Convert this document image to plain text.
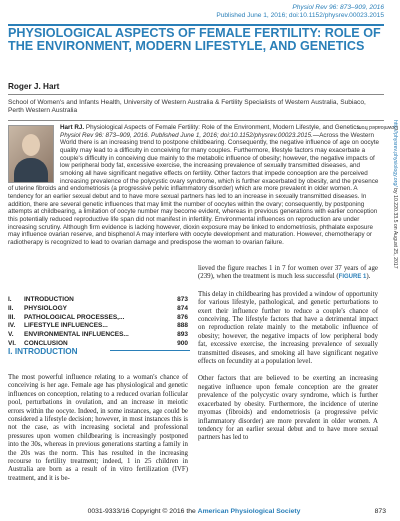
Physiol Rev 96: 873–909, 2016
Published June 1, 2016; doi:10.1152/physrev.00023.2015
PHYSIOLOGICAL ASPECTS OF FEMALE FERTILITY: ROLE OF THE ENVIRONMENT, MODERN LIFESTYLE, AND GENETICS
Roger J. Hart
School of Women's and Infants Health, University of Western Australia & Fertility Specialists of Western Australia, Subiaco, Perth Western Australia

Hart RJ. Physiological Aspects of Female Fertility: Role of the Environment, Modern Lifestyle, and Genetics. Physiol Rev 96: 873–909, 2016. Published June 1, 2016; doi:10.1152/physrev.00023.2015.—Across the Western World there is an increasing trend to postpone childbearing. Consequently, the negative influence of age on oocyte quality may lead to a difficulty in conceiving for many couples. Furthermore, lifestyle factors may exacerbate a couple's difficulty in conceiving due mainly to the metabolic influence of obesity; however, the negative impacts of low peripheral body fat, excessive exercise, the increasing prevalence of sexually transmitted diseases, and smoking all have significant negative effects on fertility. Other factors that impede conception are the perceived increasing prevalence of the polycystic ovary syndrome, which is further exacerbated by obesity, and the presence of uterine fibroids and endometriosis (a progressive pelvic inflammatory disorder) which are more prevalent in older women. A tendency for an earlier sexual debut and to have more sexual partners has led to an increase in sexually transmitted diseases. In addition, there are several genetic influences that may limit the number of oocytes within the ovary; consequently, by postponing attempts at childbearing, a limitation of oocyte number may become evident, whereas in previous generations with earlier conception this potentially reduced reproductive life span did not manifest in infertility. Environmental influences on reproduction are under increasing scrutiny. Although firm evidence is lacking however, dioxin exposure may be linked to endometriosis, phthalate exposure may influence ovarian reserve, and bisphenol A may interfere with oocyte development and maturation. However, chemotherapy or radiotherapy is recognized to lead to ovarian damage and predispose the woman to ovarian failure.

I.	INTRODUCTION	873
II.	PHYSIOLOGY	874
III.	PATHOLOGICAL PROCESSES,...	876
IV.	LIFESTYLE INFLUENCES...	888
V.	ENVIRONMENTAL INFLUENCES...	893
VI.	CONCLUSION	900
I. INTRODUCTION

The most powerful influence relating to a woman's chance of conceiving is her age. Female age has physiological and genetic influences on conception, relating to a reduced ovarian follicular pool, perturbations in ovulation, and an increase in meiotic errors within the oocyte. Indeed, in some instances, age could be considered a lifestyle decision; however, in most instances this is not the case, as with increasing societal and professional pressures upon women childbearing is increasingly postponed into the 30s, whereas in previous generations starting a family in the 20s was the norm. This has resulted in the increasing recourse to fertility treatment; indeed, 1 in 25 children in Australia are born as a result of in vitro fertilization (IVF) treatment, and it is be-

lieved the figure reaches 1 in 7 for women over 37 years of age (239), when the treatment is much less successful (FIGURE 1).

This delay in childbearing has provided a window of opportunity for various lifestyle, pathological, and genetic perturbations to exert their influence further to reduce a couple's chance of conceiving. The lifestyle factors that have a detrimental impact on reproduction relate mainly to the metabolic influence of obesity; however, the negative impacts of low peripheral body fat, excessive exercise, the increasing prevalence of sexually transmitted diseases, and smoking all have significant negative effects on fecundity at a population level.

Other factors that are believed to be exerting an increasing negative influence upon female conception are the greater prevalence of the polycystic ovary syndrome, which is further exacerbated by obesity. Furthermore, the incidence of uterine myomas (fibroids) and endometriosis (a progressive pelvic inflammatory disorder) are more prevalent in older women. A tendency for an earlier sexual debut and to have more sexual partners has led to

Downloaded from
http://physrev.physiology.org/ by 10.220.33.5 on August 25, 2017
0031-9333/16 Copyright © 2016 the American Physiological Society	873
